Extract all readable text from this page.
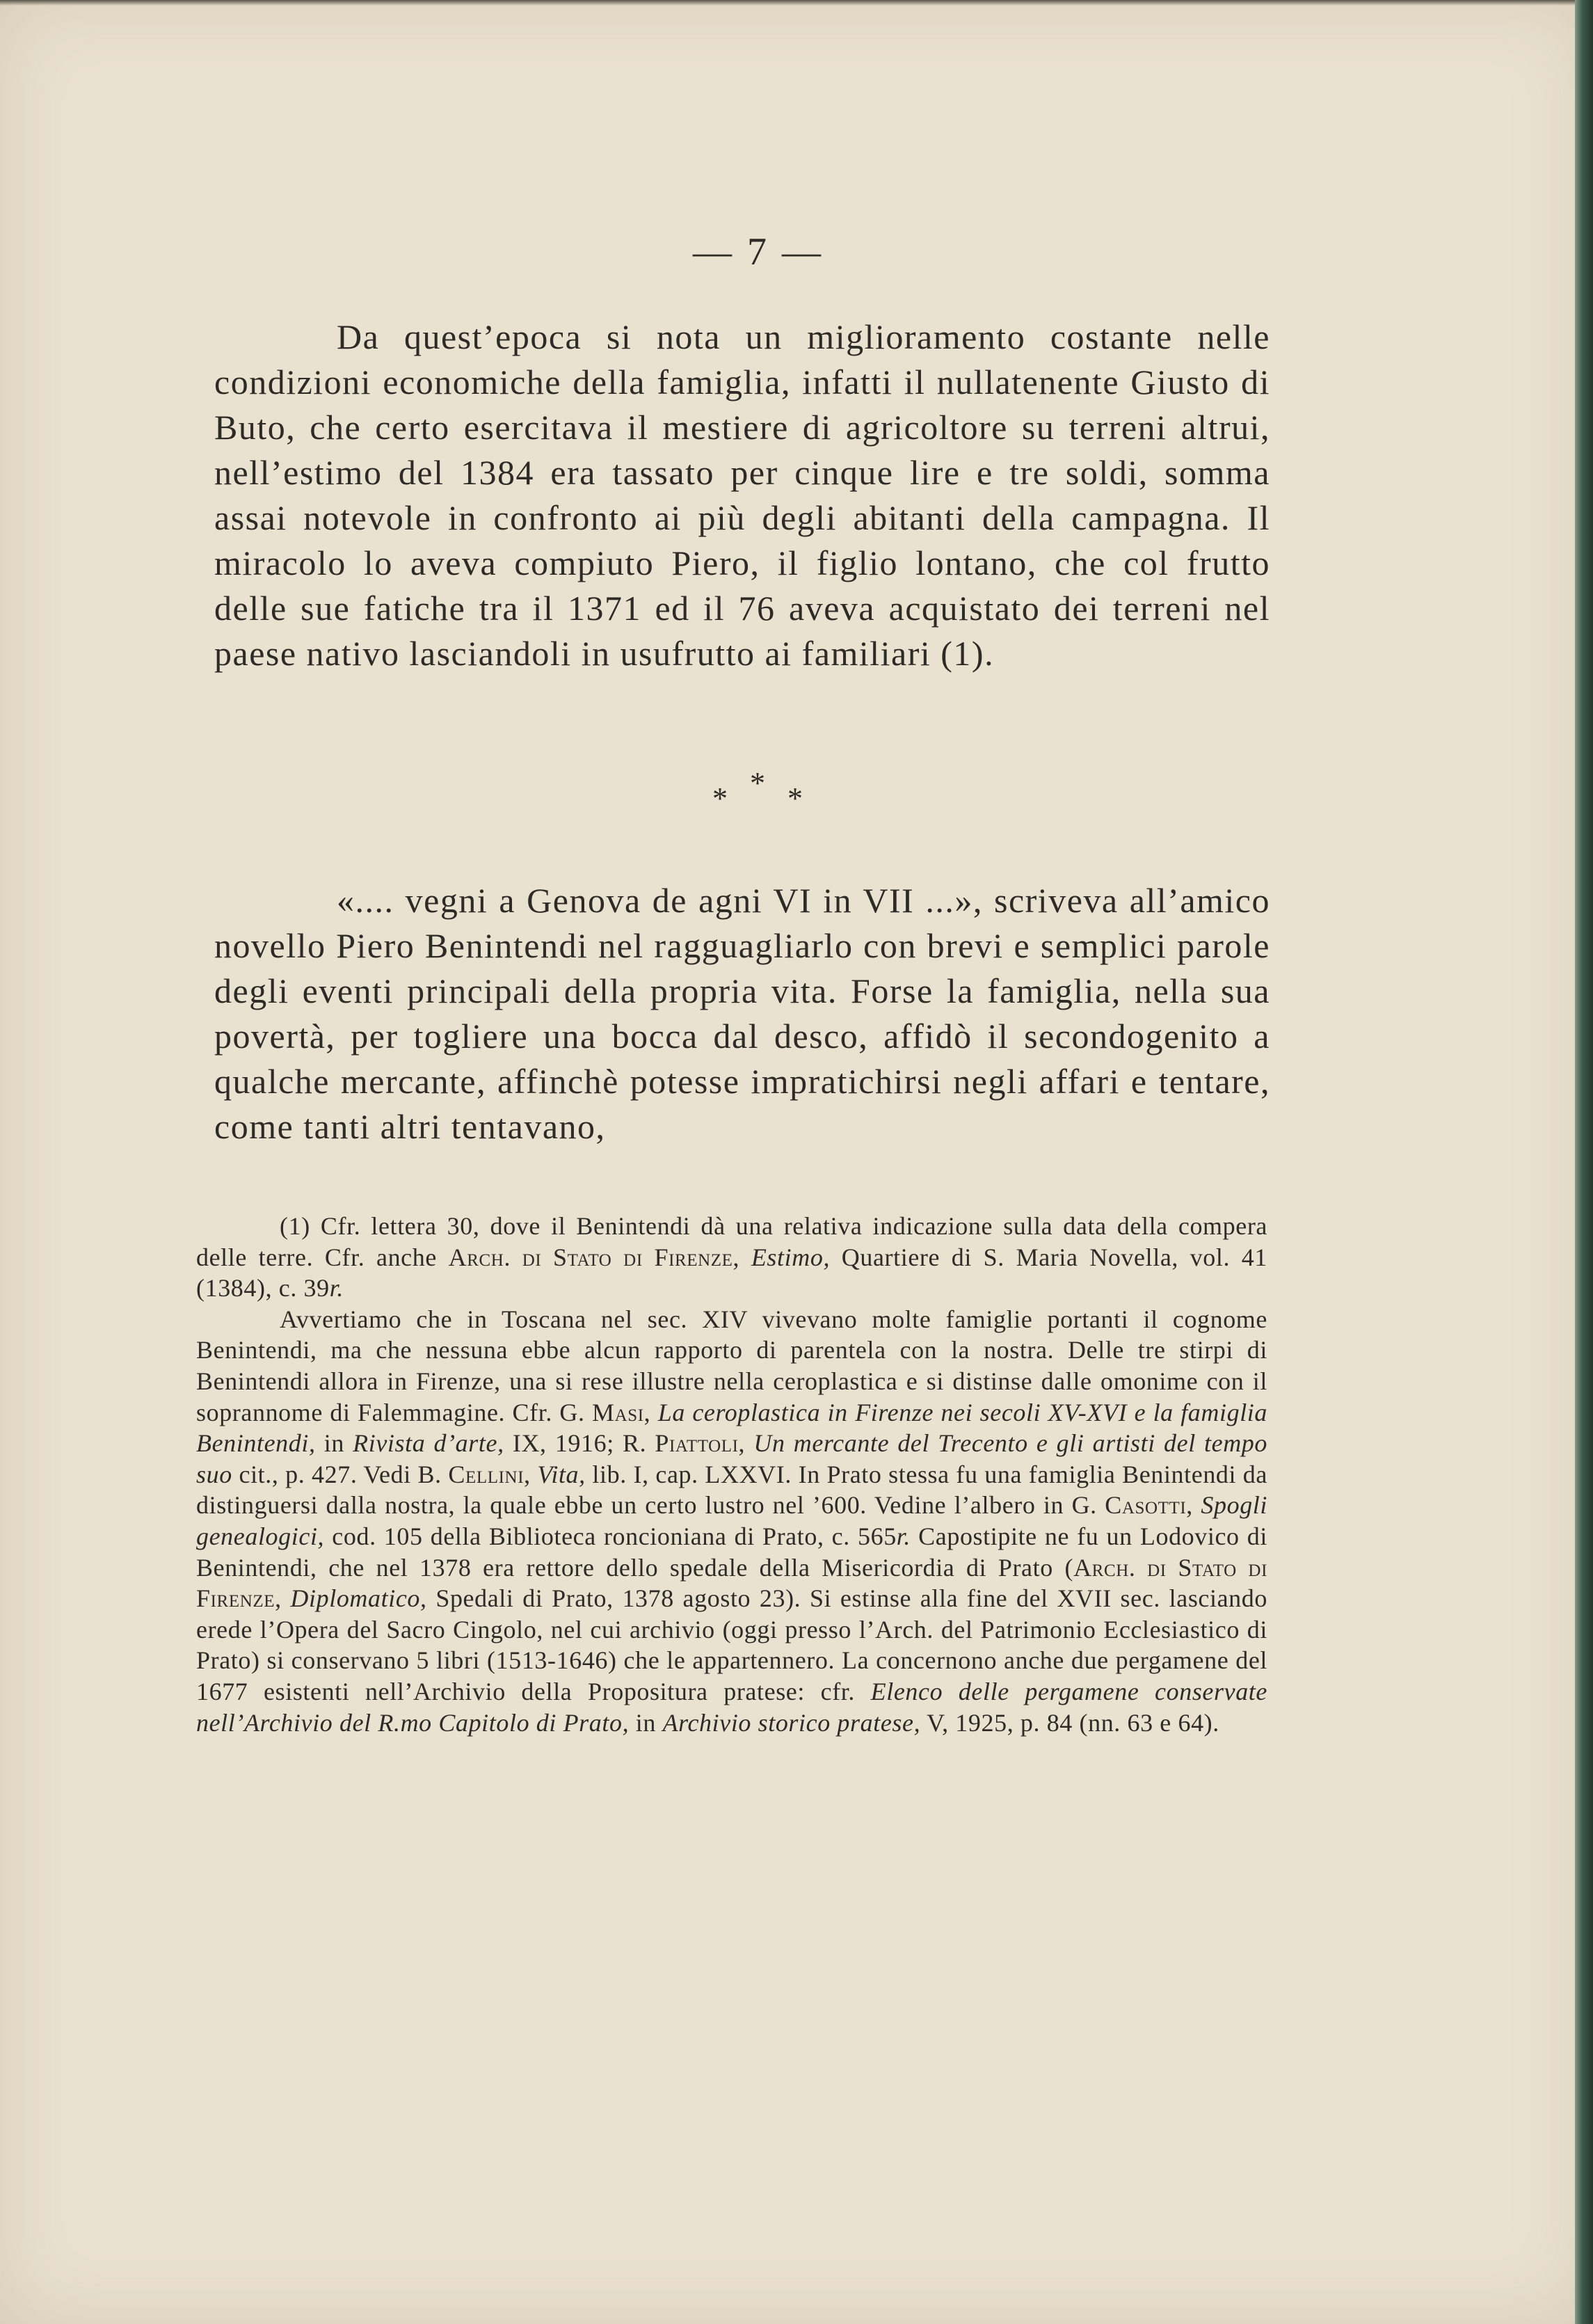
— 7 —
Da quest’epoca si nota un miglioramento costante nelle condizioni economiche della famiglia, infatti il nullatenente Giusto di Buto, che certo esercitava il mestiere di agricoltore su terreni altrui, nell’estimo del 1384 era tassato per cinque lire e tre soldi, somma assai notevole in confronto ai più degli abitanti della campagna. Il miracolo lo aveva compiuto Piero, il figlio lontano, che col frutto delle sue fatiche tra il 1371 ed il 76 aveva acquistato dei terreni nel paese nativo lasciandoli in usufrutto ai familiari (1).
*
* *
«.... vegni a Genova de agni VI in VII ...», scriveva all’amico novello Piero Benintendi nel ragguagliarlo con brevi e semplici parole degli eventi principali della propria vita. Forse la famiglia, nella sua povertà, per togliere una bocca dal desco, affidò il secondogenito a qualche mercante, affinchè potesse impratichirsi negli affari e tentare, come tanti altri tentavano,

(1) Cfr. lettera 30, dove il Benintendi dà una relativa indicazione sulla data della compera delle terre. Cfr. anche Arch. di Stato di Firenze, Estimo, Quartiere di S. Maria Novella, vol. 41 (1384), c. 39r.

Avvertiamo che in Toscana nel sec. XIV vivevano molte famiglie portanti il cognome Benintendi, ma che nessuna ebbe alcun rapporto di parentela con la nostra. Delle tre stirpi di Benintendi allora in Firenze, una si rese illustre nella ceroplastica e si distinse dalle omonime con il soprannome di Falemmagine. Cfr. G. Masi, La ceroplastica in Firenze nei secoli XV-XVI e la famiglia Benintendi, in Rivista d’arte, IX, 1916; R. Piattoli, Un mercante del Trecento e gli artisti del tempo suo cit., p. 427. Vedi B. Cellini, Vita, lib. I, cap. LXXVI. In Prato stessa fu una famiglia Benintendi da distinguersi dalla nostra, la quale ebbe un certo lustro nel ’600. Vedine l’albero in G. Casotti, Spogli genealogici, cod. 105 della Biblioteca roncioniana di Prato, c. 565r. Capostipite ne fu un Lodovico di Benintendi, che nel 1378 era rettore dello spedale della Misericordia di Prato (Arch. di Stato di Firenze, Diplomatico, Spedali di Prato, 1378 agosto 23). Si estinse alla fine del XVII sec. lasciando erede l’Opera del Sacro Cingolo, nel cui archivio (oggi presso l’Arch. del Patrimonio Ecclesiastico di Prato) si conservano 5 libri (1513-1646) che le appartennero. La concernono anche due pergamene del 1677 esistenti nell’Archivio della Propositura pratese: cfr. Elenco delle pergamene conservate nell’Archivio del R.mo Capitolo di Prato, in Archivio storico pratese, V, 1925, p. 84 (nn. 63 e 64).
